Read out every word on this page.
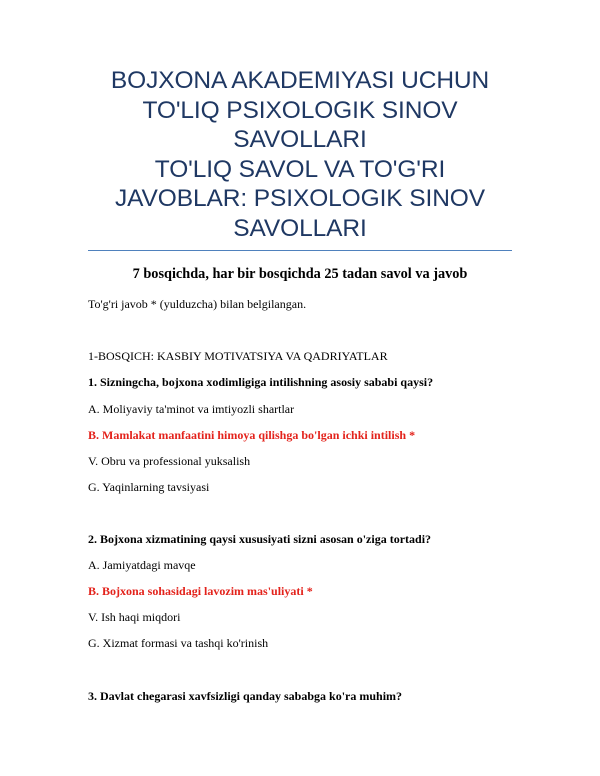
BOJXONA AKADEMIYASI UCHUN
TO'LIQ PSIXOLOGIK SINOV
SAVOLLARI
TO'LIQ SAVOL VA TO'G'RI
JAVOBLAR: PSIXOLOGIK SINOV
SAVOLLARI
7 bosqichda, har bir bosqichda 25 tadan savol va javob
To'g'ri javob * (yulduzcha) bilan belgilangan.
1-BOSQICH: KASBIY MOTIVATSIYA VA QADRIYATLAR
1. Sizningcha, bojxona xodimligiga intilishning asosiy sababi qaysi?
A. Moliyaviy ta'minot va imtiyozli shartlar
B. Mamlakat manfaatini himoya qilishga bo'lgan ichki intilish *
V. Obru va professional yuksalish
G. Yaqinlarning tavsiyasi
2. Bojxona xizmatining qaysi xususiyati sizni asosan o'ziga tortadi?
A. Jamiyatdagi mavqe
B. Bojxona sohasidagi lavozim mas'uliyati *
V. Ish haqi miqdori
G. Xizmat formasi va tashqi ko'rinish
3. Davlat chegarasi xavfsizligi qanday sababga ko'ra muhim?
